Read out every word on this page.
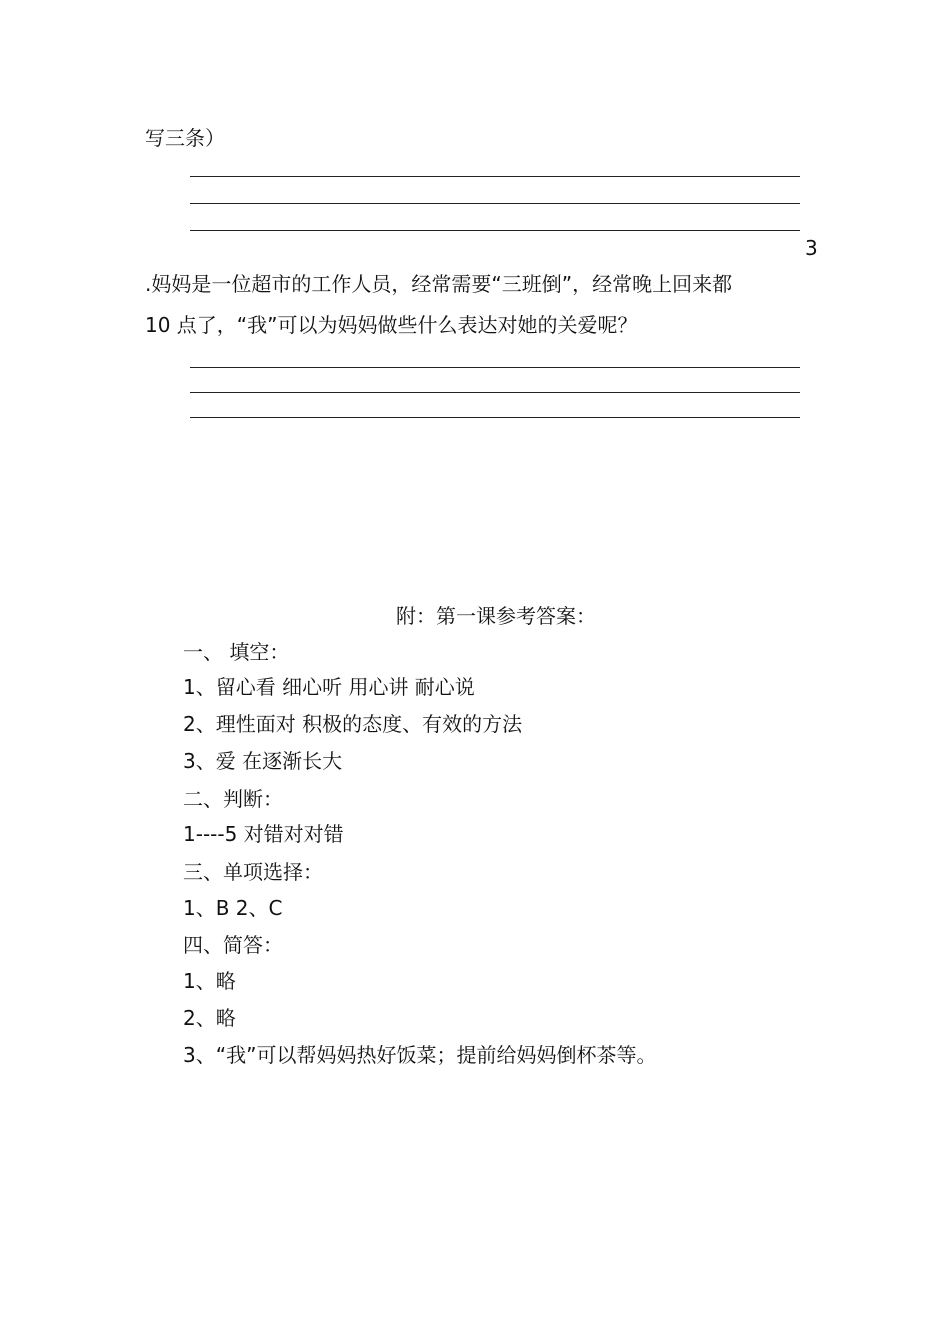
写三条）
3
.妈妈是一位超市的工作人员，经常需要“三班倒”，经常晚上回来都
10 点了，“我”可以为妈妈做些什么表达对她的关爱呢？
附：第一课参考答案：
一、 填空：
1、留心看 细心听 用心讲 耐心说
2、理性面对 积极的态度、有效的方法
3、爱 在逐渐长大
二、判断：
1----5 对错对对错
三、单项选择：
1、B 2、C
四、简答：
1、略
2、略
3、“我”可以帮妈妈热好饭菜；提前给妈妈倒杯茶等。
